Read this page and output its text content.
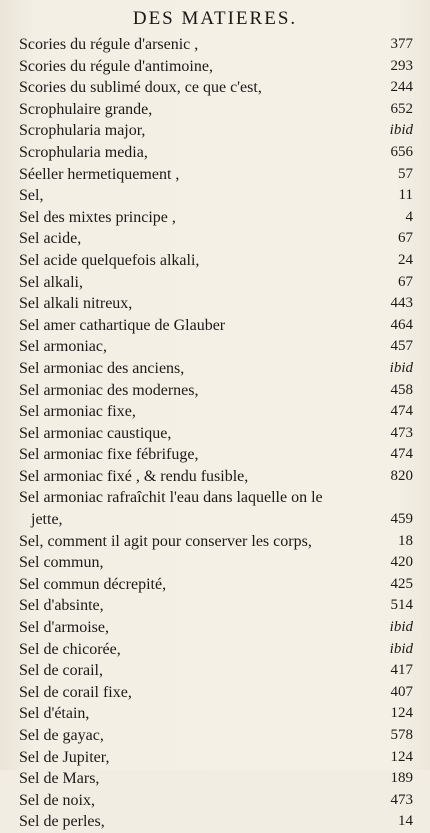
DES MATIERES.
Scories du régule d'arsenic ,	377
Scories du régule d'antimoine,	293
Scories du sublimé doux, ce que c'est,	244
Scrophulaire grande,	652
Scrophularia major,	ibid
Scrophularia media,	656
Séeller hermetiquement ,	57
Sel,	11
Sel des mixtes principe ,	4
Sel acide,	67
Sel acide quelquefois alkali,	24
Sel alkali,	67
Sel alkali nitreux,	443
Sel amer cathartique de Glauber	464
Sel armoniac,	457
Sel armoniac des anciens,	ibid
Sel armoniac des modernes,	458
Sel armoniac fixe,	474
Sel armoniac caustique,	473
Sel armoniac fixe fébrifuge,	474
Sel armoniac fixé , & rendu fusible,	820
Sel armoniac rafraîchit l'eau dans laquelle on le
jette,	459
Sel, comment il agit pour conserver les corps,	18
Sel commun,	420
Sel commun décrepité,	425
Sel d'absinte,	514
Sel d'armoise,	ibid
Sel de chicorée,	ibid
Sel de corail,	417
Sel de corail fixe,	407
Sel d'étain,	124
Sel de gayac,	578
Sel de Jupiter,	124
Sel de Mars,	189
Sel de noix,	473
Sel de perles,	14
